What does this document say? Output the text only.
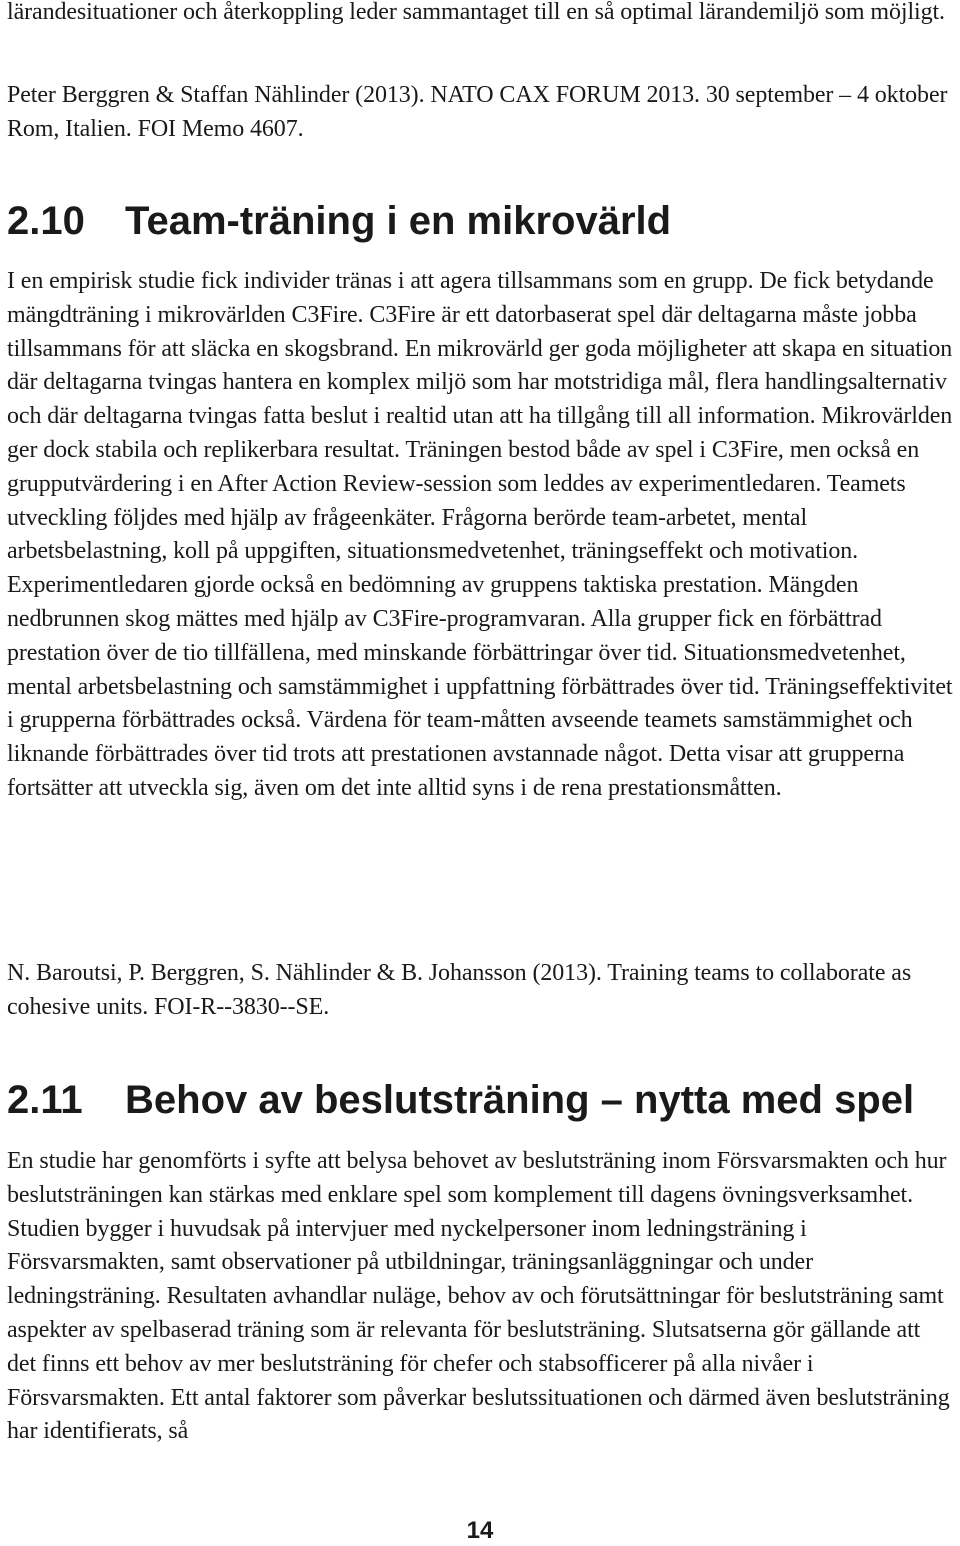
lärandesituationer och återkoppling leder sammantaget till en så optimal lärandemiljö som möjligt.

Peter Berggren & Staffan Nählinder (2013). NATO CAX FORUM 2013. 30 september – 4 oktober Rom, Italien. FOI Memo 4607.

2.10 Team-träning i en mikrovärld

I en empirisk studie fick individer tränas i att agera tillsammans som en grupp. De fick betydande mängdträning i mikrovärlden C3Fire. C3Fire är ett datorbaserat spel där deltagarna måste jobba tillsammans för att släcka en skogsbrand. En mikrovärld ger goda möjligheter att skapa en situation där deltagarna tvingas hantera en komplex miljö som har motstridiga mål, flera handlingsalternativ och där deltagarna tvingas fatta beslut i realtid utan att ha tillgång till all information. Mikrovärlden ger dock stabila och replikerbara resultat. Träningen bestod både av spel i C3Fire, men också en grupputvärdering i en After Action Review-session som leddes av experimentledaren. Teamets utveckling följdes med hjälp av frågeenkäter. Frågorna berörde team-arbetet, mental arbetsbelastning, koll på uppgiften, situationsmedvetenhet, träningseffekt och motivation. Experimentledaren gjorde också en bedömning av gruppens taktiska prestation. Mängden nedbrunnen skog mättes med hjälp av C3Fire-programvaran. Alla grupper fick en förbättrad prestation över de tio tillfällena, med minskande förbättringar över tid. Situationsmedvetenhet, mental arbetsbelastning och samstämmighet i uppfattning förbättrades över tid. Träningseffektivitet i grupperna förbättrades också. Värdena för team-måtten avseende teamets samstämmighet och liknande förbättrades över tid trots att prestationen avstannade något. Detta visar att grupperna fortsätter att utveckla sig, även om det inte alltid syns i de rena prestationsmåtten.

N. Baroutsi, P. Berggren, S. Nählinder & B. Johansson (2013). Training teams to collaborate as cohesive units. FOI-R--3830--SE.

2.11 Behov av beslutsträning – nytta med spel

En studie har genomförts i syfte att belysa behovet av beslutsträning inom Försvarsmakten och hur beslutsträningen kan stärkas med enklare spel som komplement till dagens övningsverksamhet. Studien bygger i huvudsak på intervjuer med nyckelpersoner inom ledningsträning i Försvarsmakten, samt observationer på utbildningar, träningsanläggningar och under ledningsträning. Resultaten avhandlar nuläge, behov av och förutsättningar för beslutsträning samt aspekter av spelbaserad träning som är relevanta för beslutsträning. Slutsatserna gör gällande att det finns ett behov av mer beslutsträning för chefer och stabsofficerer på alla nivåer i Försvarsmakten. Ett antal faktorer som påverkar beslutssituationen och därmed även beslutsträning har identifierats, så

14
